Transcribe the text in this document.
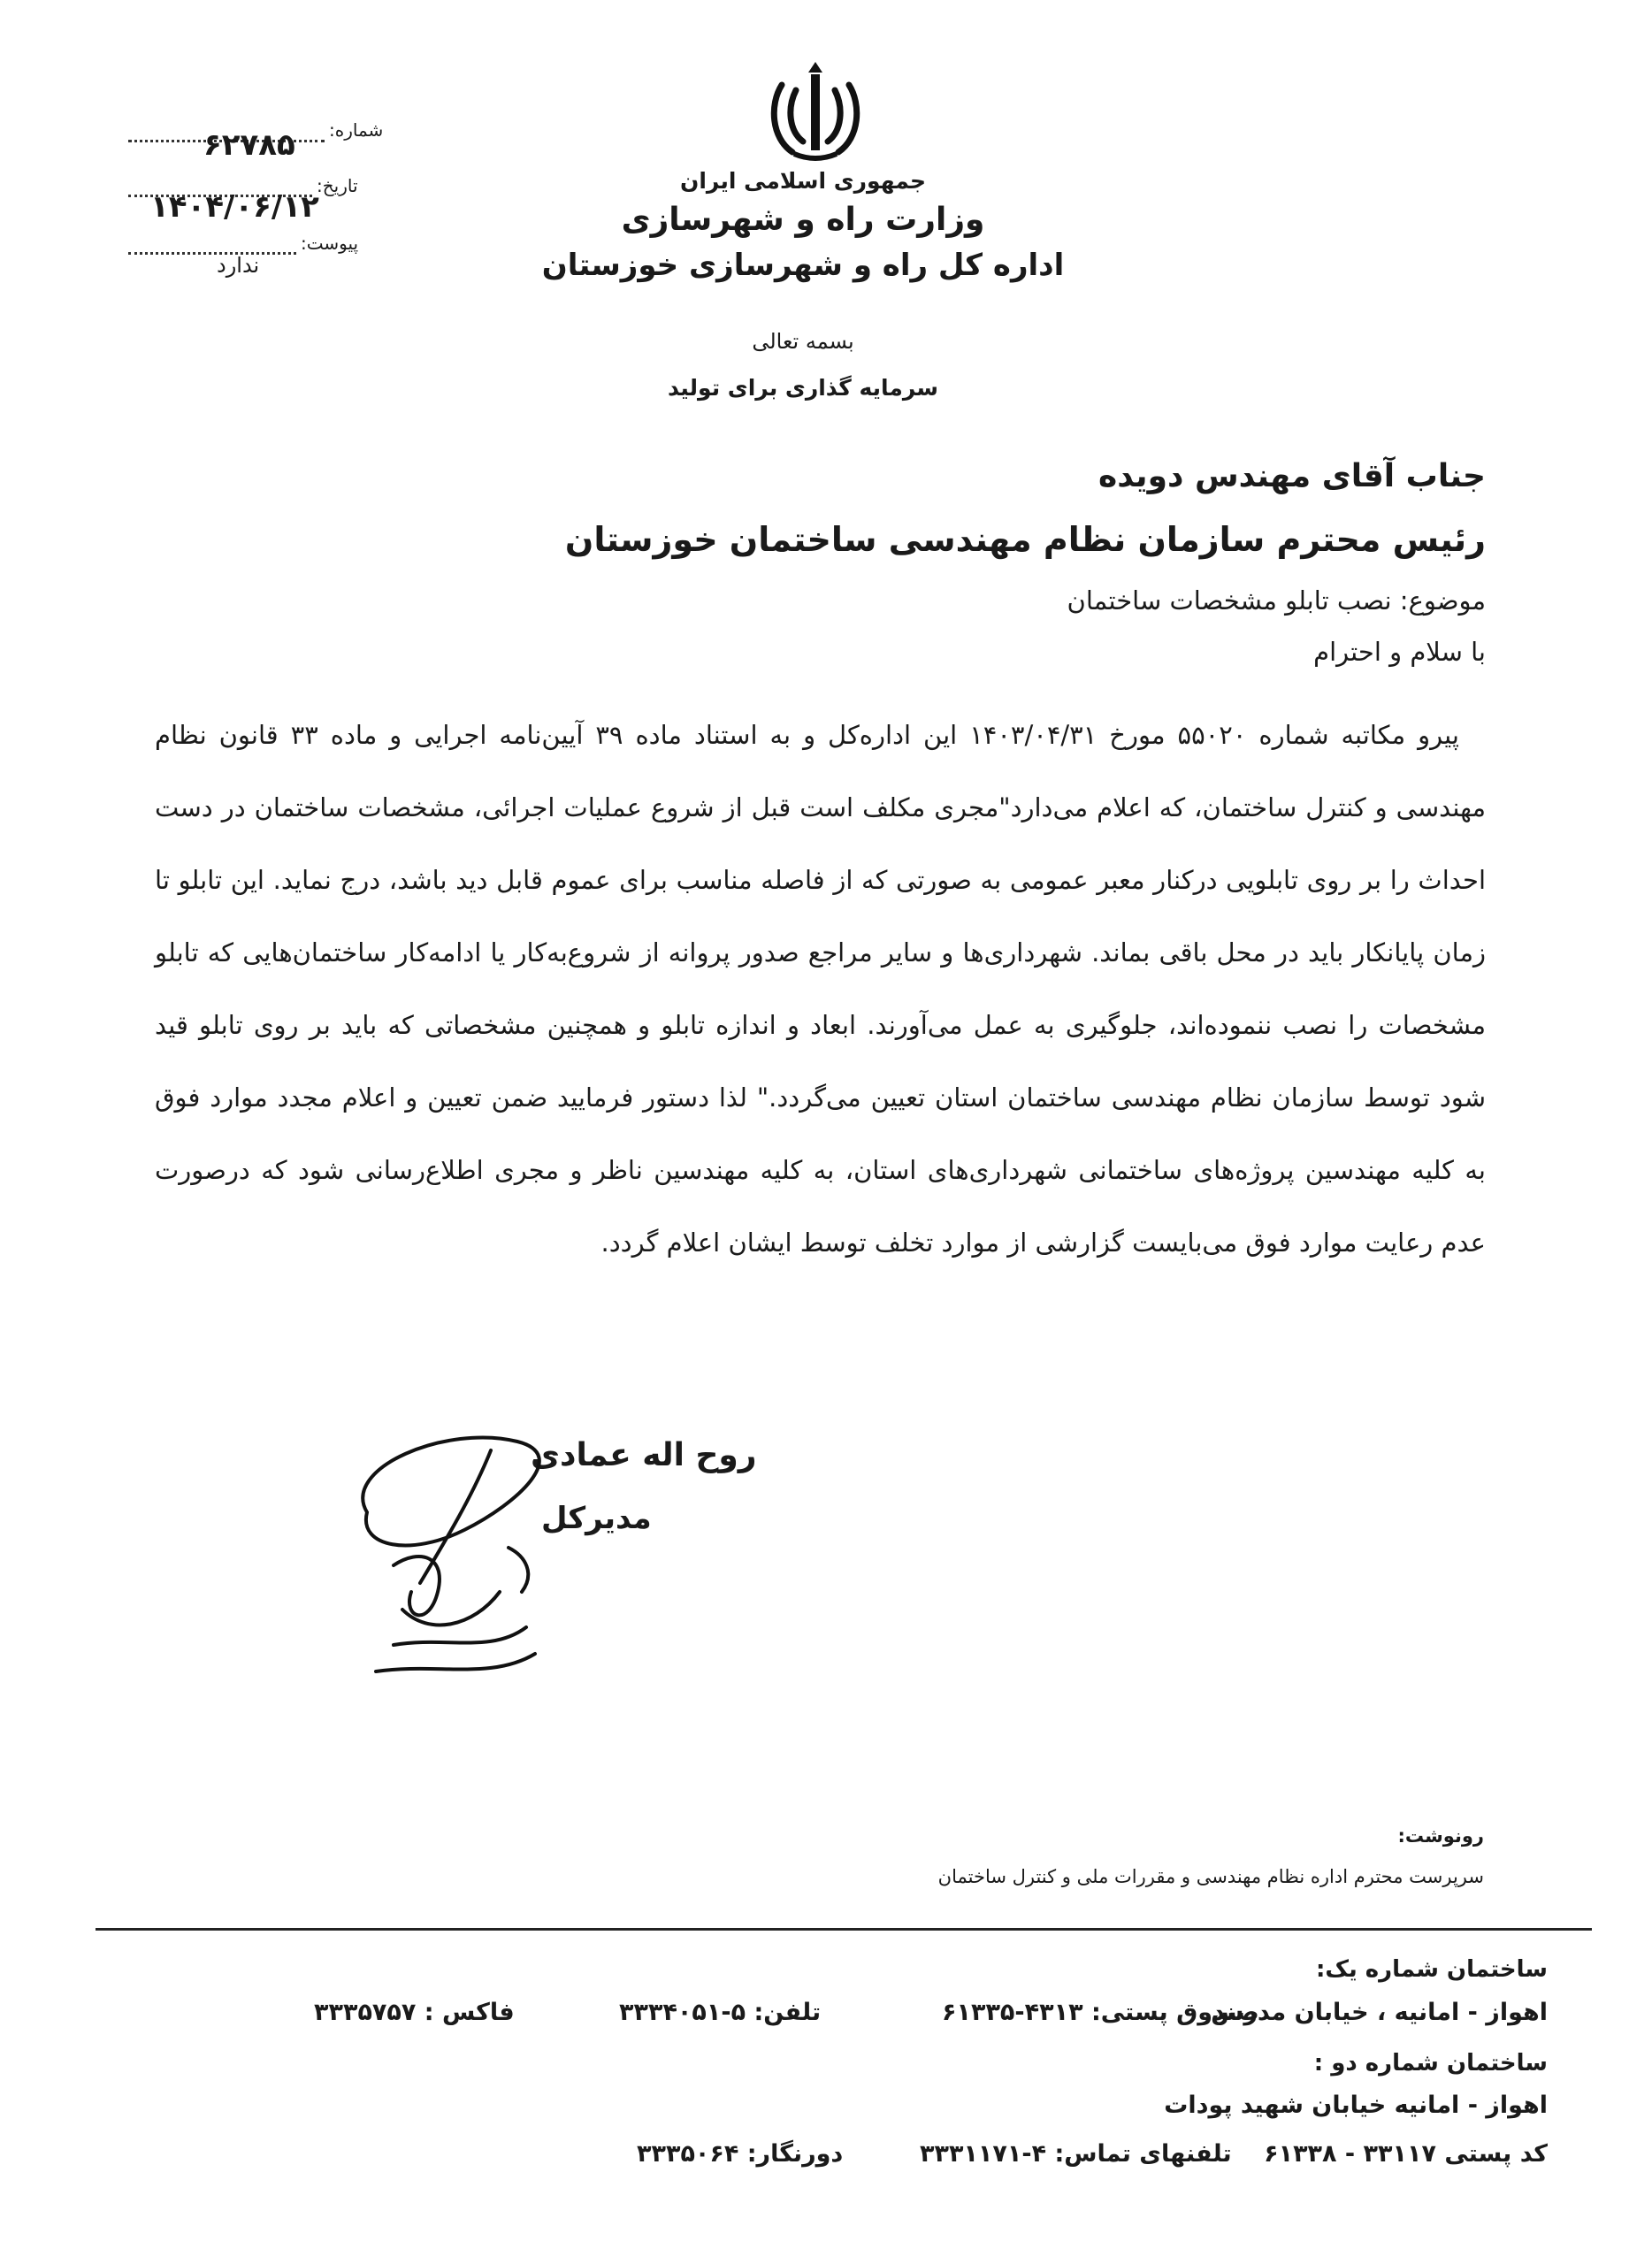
شماره:
۶۲۷۸۵
تاریخ:
۱۴۰۴/۰۶/۱۲
پیوست:
ندارد
جمهوری اسلامی ایران
وزارت راه و شهرسازی
اداره کل راه و شهرسازی خوزستان
بسمه تعالی
سرمایه گذاری برای تولید
جناب آقای مهندس دویده
رئیس محترم سازمان نظام مهندسی ساختمان خوزستان
موضوع: نصب تابلو مشخصات ساختمان
با سلام و احترام
پیرو مکاتبه شماره ۵۵۰۲۰ مورخ ۱۴۰۳/۰۴/۳۱ این اداره‌کل و به استناد ماده ۳۹ آیین‌نامه اجرایی و ماده ۳۳ قانون نظام مهندسی و کنترل ساختمان، که اعلام می‌دارد"مجری مکلف است قبل از شروع عملیات اجرائی، مشخصات ساختمان در دست احداث را بر روی تابلویی درکنار معبر عمومی به صورتی که از فاصله مناسب برای عموم قابل دید باشد، درج نماید. این تابلو تا زمان پایانکار باید در محل باقی بماند. شهرداری‌ها و سایر مراجع صدور پروانه از شروع‌به‌کار یا ادامه‌کار ساختمان‌هایی که تابلو مشخصات را نصب ننموده‌اند، جلوگیری به عمل می‌آورند. ابعاد و اندازه تابلو و همچنین مشخصاتی که باید بر روی تابلو قید شود توسط سازمان نظام مهندسی ساختمان استان تعیین می‌گردد." لذا دستور فرمایید ضمن تعیین و اعلام مجدد موارد فوق به کلیه مهندسین پروژه‌های ساختمانی شهرداری‌های استان، به کلیه مهندسین ناظر و مجری اطلاع‌رسانی شود که درصورت عدم رعایت موارد فوق می‌بایست گزارشی از موارد تخلف توسط ایشان اعلام گردد.
روح اله عمادی
مدیرکل
از طرف مجید سعید دریس زاده معاونت مسکن و ساختمان
رونوشت:
سرپرست محترم اداره نظام مهندسی و مقررات ملی و کنترل ساختمان
ساختمان شماره یک:
اهواز - امانیه ، خیابان مدرس
صندوق پستی: ۴۳۱۳-۶۱۳۳۵
تلفن: ۵-۳۳۳۴۰۵۱
فاکس : ۳۳۳۵۷۵۷
ساختمان شماره دو :
اهواز - امانیه خیابان شهید پودات
کد پستی ۳۳۱۱۷ - ۶۱۳۳۸
تلفنهای تماس: ۴-۳۳۳۱۱۷۱
دورنگار: ۳۳۳۵۰۶۴
